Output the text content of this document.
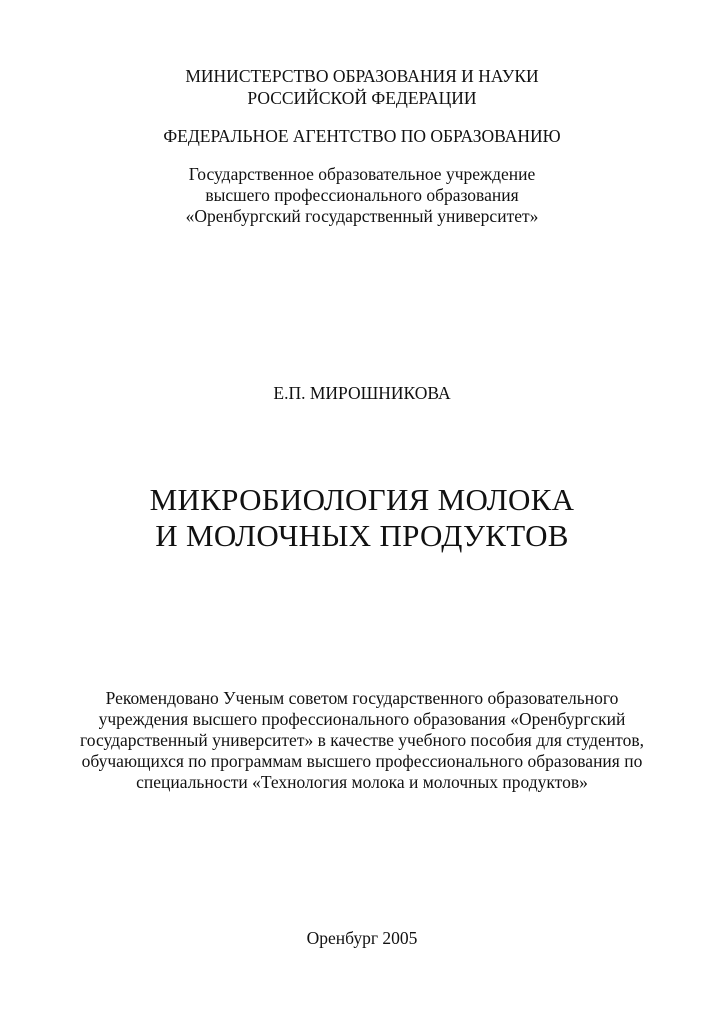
МИНИСТЕРСТВО ОБРАЗОВАНИЯ И НАУКИ
РОССИЙСКОЙ ФЕДЕРАЦИИ
ФЕДЕРАЛЬНОЕ АГЕНТСТВО ПО ОБРАЗОВАНИЮ
Государственное образовательное учреждение
высшего профессионального образования
«Оренбургский государственный университет»
Е.П. МИРОШНИКОВА
МИКРОБИОЛОГИЯ МОЛОКА
И МОЛОЧНЫХ ПРОДУКТОВ
Рекомендовано Ученым советом государственного образовательного
учреждения высшего профессионального образования «Оренбургский
государственный университет» в качестве учебного пособия для студентов,
обучающихся по программам высшего профессионального образования по
специальности «Технология молока и молочных продуктов»
Оренбург 2005
